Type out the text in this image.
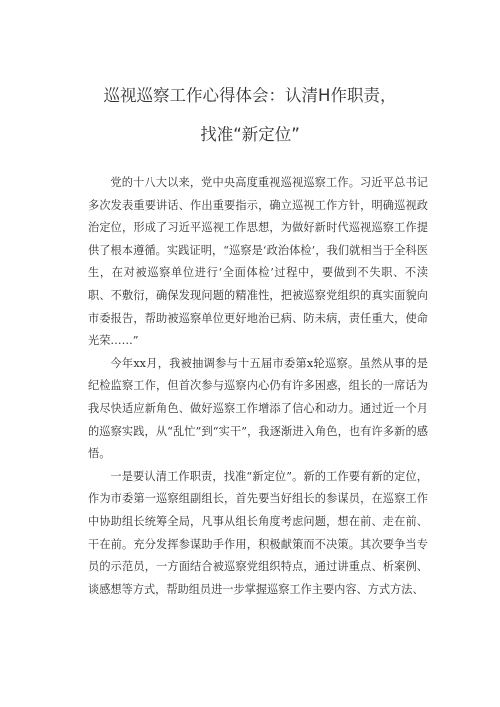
巡视巡察工作心得体会：认清H作职责，
找准“新定位”

党的十八大以来，党中央高度重视巡视巡察工作。习近平总书记多次发表重要讲话、作出重要指示，确立巡视工作方针，明确巡视政治定位，形成了习近平巡视工作思想，为做好新时代巡视巡察工作提供了根本遵循。实践证明，“巡察是‘政治体检’，我们就相当于全科医生，在对被巡察单位进行‘全面体检’过程中，要做到不失职、不渎职、不敷衍，确保发现问题的精准性，把被巡察党组织的真实面貌向市委报告，帮助被巡察单位更好地治已病、防未病，责任重大，使命光荣……”

今年xx月，我被抽调参与十五届市委第x轮巡察。虽然从事的是纪检监察工作，但首次参与巡察内心仍有许多困惑，组长的一席话为我尽快适应新角色、做好巡察工作增添了信心和动力。通过近一个月的巡察实践，从“乱忙”到“实干”，我逐渐进入角色，也有许多新的感悟。

一是要认清工作职责，找准“新定位”。新的工作要有新的定位，作为市委第一巡察组副组长，首先要当好组长的参谋员，在巡察工作中协助组长统筹全局，凡事从组长角度考虑问题，想在前、走在前、干在前。充分发挥参谋助手作用，积极献策而不决策。其次要争当专员的示范员，一方面结合被巡察党组织特点，通过讲重点、析案例、谈感想等方式，帮助组员进一步掌握巡察工作主要内容、方式方法、
